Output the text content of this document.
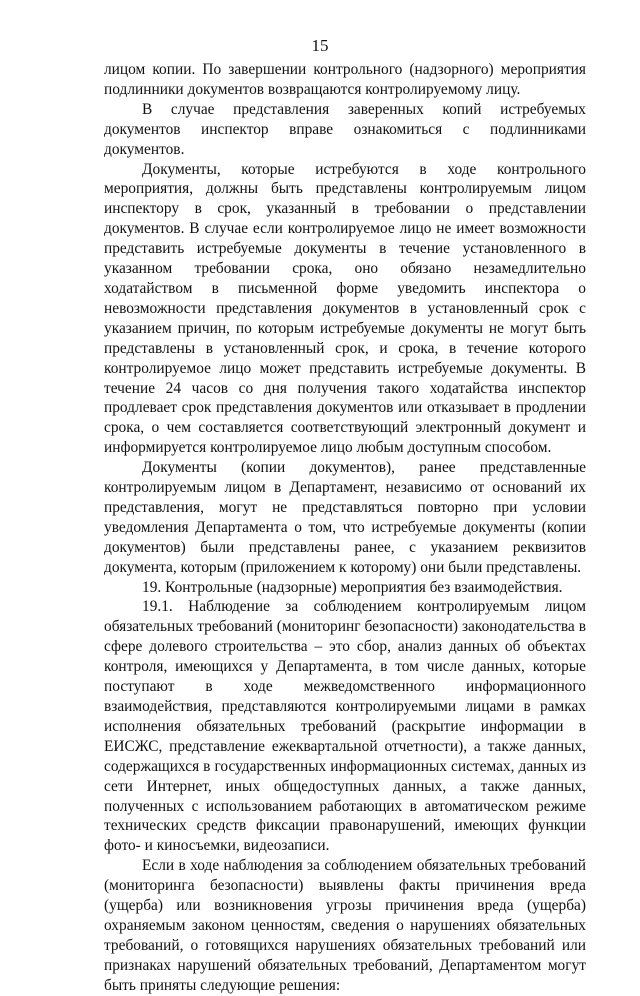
15

лицом копии. По завершении контрольного (надзорного) мероприятия подлинники документов возвращаются контролируемому лицу.

В случае представления заверенных копий истребуемых документов инспектор вправе ознакомиться с подлинниками документов.

Документы, которые истребуются в ходе контрольного мероприятия, должны быть представлены контролируемым лицом инспектору в срок, указанный в требовании о представлении документов. В случае если контролируемое лицо не имеет возможности представить истребуемые документы в течение установленного в указанном требовании срока, оно обязано незамедлительно ходатайством в письменной форме уведомить инспектора о невозможности представления документов в установленный срок с указанием причин, по которым истребуемые документы не могут быть представлены в установленный срок, и срока, в течение которого контролируемое лицо может представить истребуемые документы. В течение 24 часов со дня получения такого ходатайства инспектор продлевает срок представления документов или отказывает в продлении срока, о чем составляется соответствующий электронный документ и информируется контролируемое лицо любым доступным способом.

Документы (копии документов), ранее представленные контролируемым лицом в Департамент, независимо от оснований их представления, могут не представляться повторно при условии уведомления Департамента о том, что истребуемые документы (копии документов) были представлены ранее, с указанием реквизитов документа, которым (приложением к которому) они были представлены.

19. Контрольные (надзорные) мероприятия без взаимодействия.

19.1. Наблюдение за соблюдением контролируемым лицом обязательных требований (мониторинг безопасности) законодательства в сфере долевого строительства – это сбор, анализ данных об объектах контроля, имеющихся у Департамента, в том числе данных, которые поступают в ходе межведомственного информационного взаимодействия, представляются контролируемыми лицами в рамках исполнения обязательных требований (раскрытие информации в ЕИСЖС, представление ежеквартальной отчетности), а также данных, содержащихся в государственных информационных системах, данных из сети Интернет, иных общедоступных данных, а также данных, полученных с использованием работающих в автоматическом режиме технических средств фиксации правонарушений, имеющих функции фото- и киносъемки, видеозаписи.

Если в ходе наблюдения за соблюдением обязательных требований (мониторинга безопасности) выявлены факты причинения вреда (ущерба) или возникновения угрозы причинения вреда (ущерба) охраняемым законом ценностям, сведения о нарушениях обязательных требований, о готовящихся нарушениях обязательных требований или признаках нарушений обязательных требований, Департаментом могут быть приняты следующие решения:
